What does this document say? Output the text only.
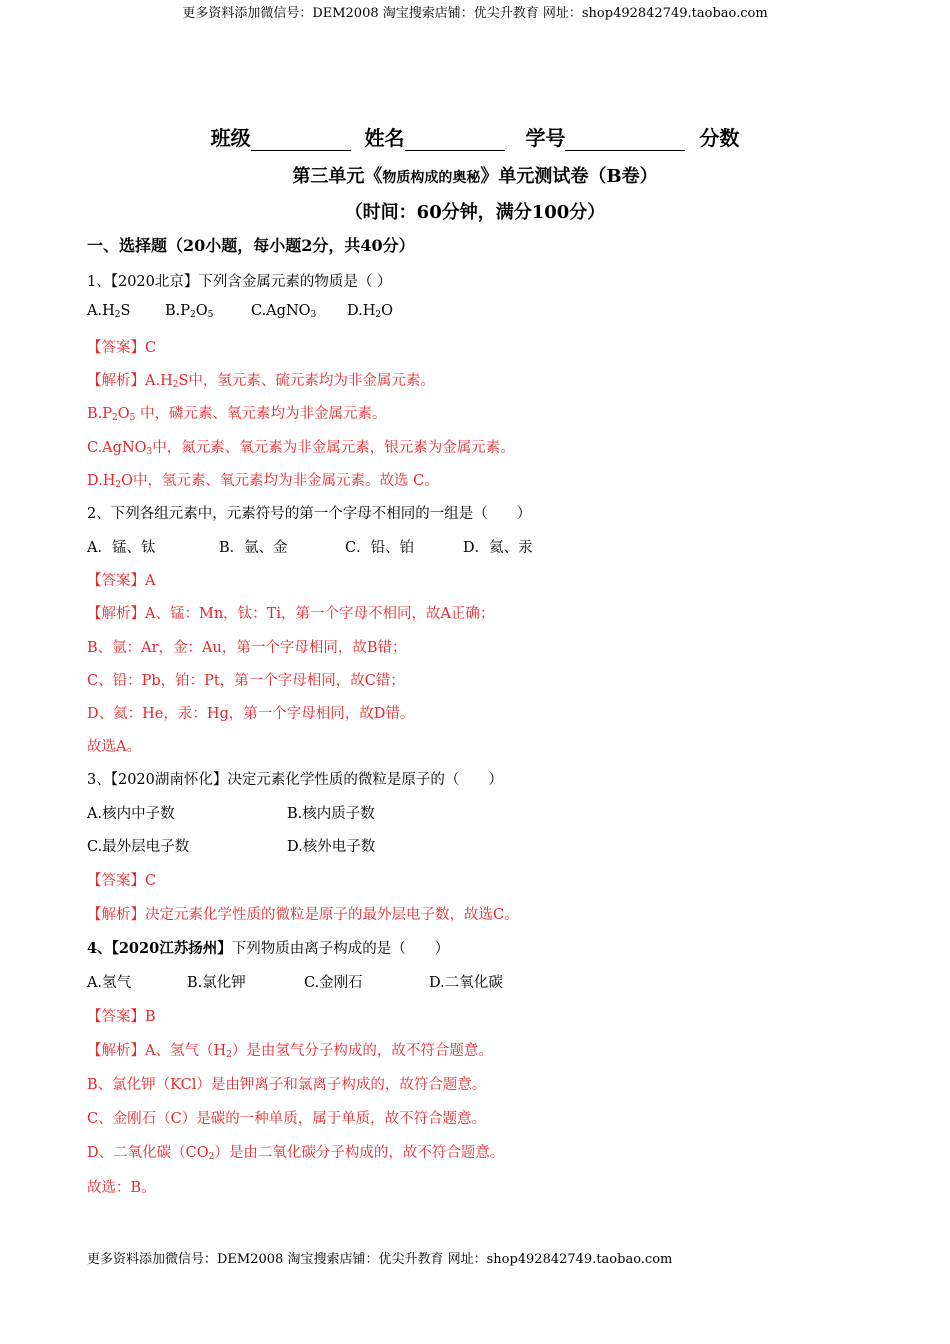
更多资料添加微信号：DEM2008 淘宝搜索店铺：优尖升教育 网址：shop492842749.taobao.com
班级	姓名	学号	分数
第三单元《物质构成的奥秘》单元测试卷（B卷）
（时间：60分钟，满分100分）
一、选择题（20小题，每小题2分，共40分）
1、【2020北京】下列含金属元素的物质是（ ）
$A.H_2S$ $B.P_2O_5$	C.AgNO$_3$ $D.H_2O$
【答案】C
【解析】$A.H_2S$中，氢元素、硫元素均为非金属元素。
$B.P_2O_5$ 中，磷元素、氧元素均为非金属元素。
C.AgNO$_3$中，氮元素、氧元素为非金属元素，银元素为金属元素。
$D.H_2O$中，氢元素、氧元素均为非金属元素。故选 C。
2、下列各组元素中，元素符号的第一个字母不相同的一组是（　　）
A．锰、钛	B．氩、金	C．铅、铂	D．氦、汞
【答案】A
【解析】A、锰：Mn，钛：Ti，第一个字母不相同，故A正确；
B、氩：Ar，金：Au，第一个字母相同，故B错；
C、铅：Pb，铂：Pt，第一个字母相同，故C错；
D、氦：He，汞：Hg，第一个字母相同，故D错。
故选A。
3、【2020湖南怀化】决定元素化学性质的微粒是原子的（　　）
A.核内中子数	B.核内质子数
C.最外层电子数	D.核外电子数
【答案】C
【解析】决定元素化学性质的微粒是原子的最外层电子数，故选C。
4、【2020江苏扬州】下列物质由离子构成的是（　　）
A.氢气	B.氯化钾	C.金刚石	D.二氧化碳
【答案】B
【解析】A、氢气$(H_2)$是由氢气分子构成的，故不符合题意。
B、氯化钾（KCl）是由钾离子和氯离子构成的，故符合题意。
C、金刚石（C）是碳的一种单质，属于单质，故不符合题意。
D、二氧化碳$(CO_2)$是由二氧化碳分子构成的，故不符合题意。
故选：B。
更多资料添加微信号：DEM2008 淘宝搜索店铺：优尖升教育 网址：shop492842749.taobao.com
